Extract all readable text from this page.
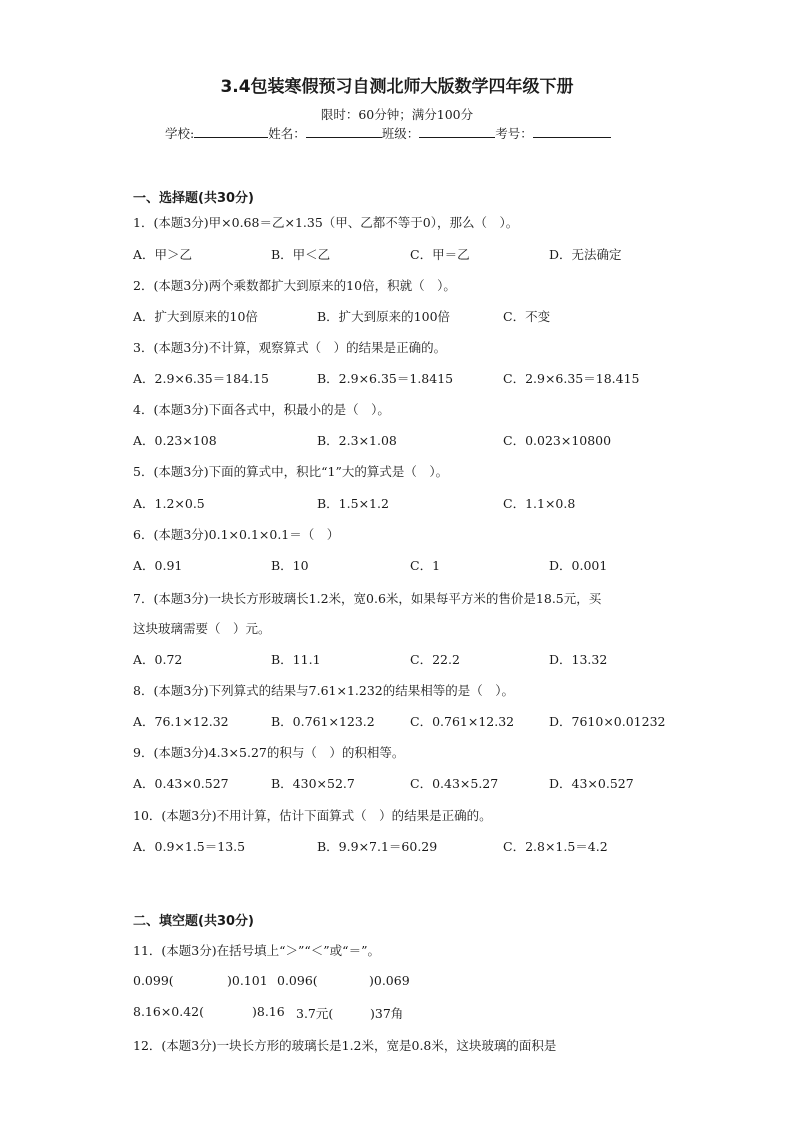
3.4包装寒假预习自测北师大版数学四年级下册
限时：60分钟；满分100分
学校:	姓名：	班级：	考号：
一、选择题(共30分)
1．(本题3分)甲×0.68＝乙×1.35（甲、乙都不等于0），那么（　）。
A．甲＞乙	B．甲＜乙	C．甲＝乙	D．无法确定
2．(本题3分)两个乘数都扩大到原来的10倍，积就（　）。
A．扩大到原来的10倍	B．扩大到原来的100倍	C．不变
3．(本题3分)不计算，观察算式（　）的结果是正确的。
A．2.9×6.35＝184.15	B．2.9×6.35＝1.8415	C．2.9×6.35＝18.415
4．(本题3分)下面各式中，积最小的是（　）。
A．0.23×108	B．2.3×1.08	C．0.023×10800
5．(本题3分)下面的算式中，积比“1”大的算式是（　）。
A．1.2×0.5	B．1.5×1.2	C．1.1×0.8
6．(本题3分)0.1×0.1×0.1＝（　）
A．0.91	B．10	C．1	D．0.001
7．(本题3分)一块长方形玻璃长1.2米，宽0.6米，如果每平方米的售价是18.5元，买
这块玻璃需要（　）元。
A．0.72	B．11.1	C．22.2	D．13.32
8．(本题3分)下列算式的结果与7.61×1.232的结果相等的是（　）。
A．76.1×12.32	B．0.761×123.2	C．0.761×12.32	D．7610×0.01232
9．(本题3分)4.3×5.27的积与（　）的积相等。
A．0.43×0.527	B．430×52.7	C．0.43×5.27	D．43×0.527
10．(本题3分)不用计算，估计下面算式（　）的结果是正确的。
A．0.9×1.5＝13.5	B．9.9×7.1＝60.29	C．2.8×1.5＝4.2
二、填空题(共30分)
11．(本题3分)在括号填上“＞”“＜”或“＝”。
0.099(	)0.101 0.096(	)0.069
8.16×0.42(	)8.16 3.7元(	)37角
12．(本题3分)一块长方形的玻璃长是1.2米，宽是0.8米，这块玻璃的面积是
